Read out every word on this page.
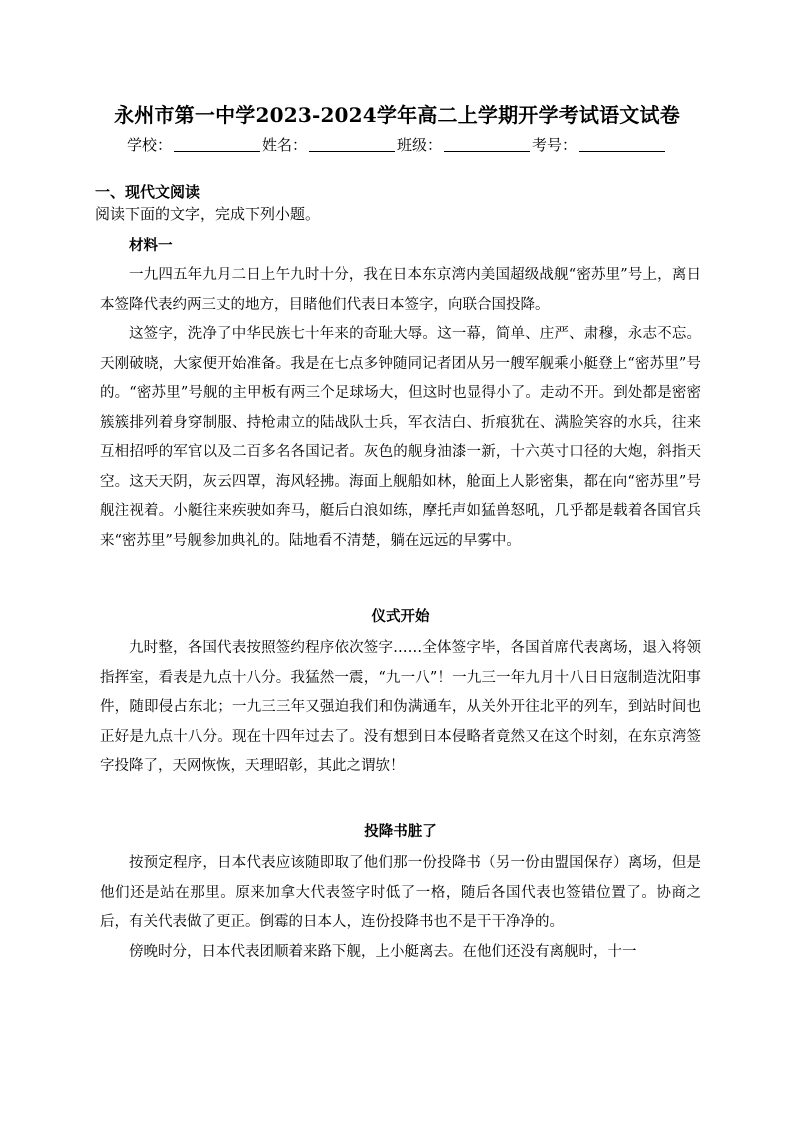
永州市第一中学2023-2024学年高二上学期开学考试语文试卷
学校：	姓名：	班级：	考号：
一、现代文阅读
阅读下面的文字，完成下列小题。
材料一

一九四五年九月二日上午九时十分，我在日本东京湾内美国超级战舰“密苏里”号上，离日本签降代表约两三丈的地方，目睹他们代表日本签字，向联合国投降。

这签字，洗净了中华民族七十年来的奇耻大辱。这一幕，简单、庄严、肃穆，永志不忘。天刚破晓，大家便开始准备。我是在七点多钟随同记者团从另一艘军舰乘小艇登上“密苏里”号的。“密苏里”号舰的主甲板有两三个足球场大，但这时也显得小了。走动不开。到处都是密密簇簇排列着身穿制服、持枪肃立的陆战队士兵，军衣洁白、折痕犹在、满脸笑容的水兵，往来互相招呼的军官以及二百多名各国记者。灰色的舰身油漆一新，十六英寸口径的大炮，斜指天空。这天天阴，灰云四罩，海风轻拂。海面上舰船如林，舱面上人影密集，都在向“密苏里”号舰注视着。小艇往来疾驶如奔马，艇后白浪如练，摩托声如猛兽怒吼，几乎都是载着各国官兵来“密苏里”号舰参加典礼的。陆地看不清楚，躺在远远的早雾中。

仪式开始

九时整，各国代表按照签约程序依次签字……全体签字毕，各国首席代表离场，退入将领指挥室，看表是九点十八分。我猛然一震，“九一八”！一九三一年九月十八日日寇制造沈阳事件，随即侵占东北；一九三三年又强迫我们和伪满通车，从关外开往北平的列车，到站时间也正好是九点十八分。现在十四年过去了。没有想到日本侵略者竟然又在这个时刻，在东京湾签字投降了，天网恢恢，天理昭彰，其此之谓欤！

投降书脏了

按预定程序，日本代表应该随即取了他们那一份投降书（另一份由盟国保存）离场，但是他们还是站在那里。原来加拿大代表签字时低了一格，随后各国代表也签错位置了。协商之后，有关代表做了更正。倒霉的日本人，连份投降书也不是干干净净的。

傍晚时分，日本代表团顺着来路下舰，上小艇离去。在他们还没有离舰时，十一
